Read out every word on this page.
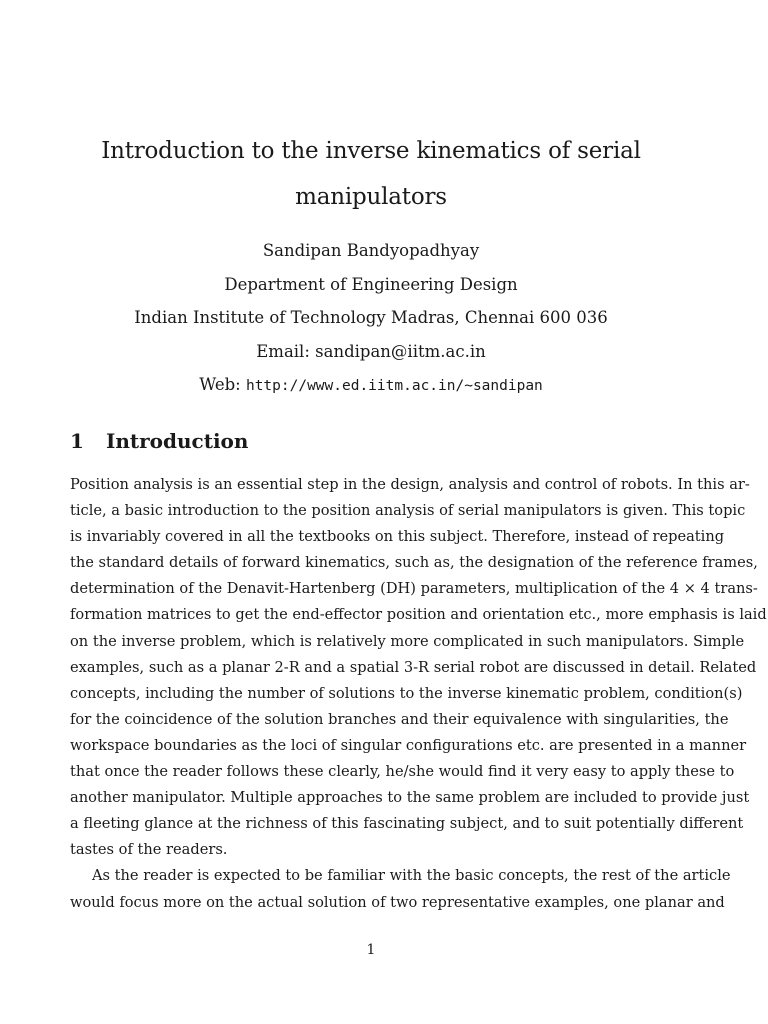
Introduction to the inverse kinematics of serial
manipulators
Sandipan Bandyopadhyay
Department of Engineering Design
Indian Institute of Technology Madras, Chennai 600 036
Email: sandipan@iitm.ac.in
Web: http://www.ed.iitm.ac.in/~sandipan
1 Introduction
Position analysis is an essential step in the design, analysis and control of robots. In this ar-
ticle, a basic introduction to the position analysis of serial manipulators is given. This topic
is invariably covered in all the textbooks on this subject. Therefore, instead of repeating
the standard details of forward kinematics, such as, the designation of the reference frames,
determination of the Denavit-Hartenberg (DH) parameters, multiplication of the 4 × 4 trans-
formation matrices to get the end-effector position and orientation etc., more emphasis is laid
on the inverse problem, which is relatively more complicated in such manipulators. Simple
examples, such as a planar 2-R and a spatial 3-R serial robot are discussed in detail. Related
concepts, including the number of solutions to the inverse kinematic problem, condition(s)
for the coincidence of the solution branches and their equivalence with singularities, the
workspace boundaries as the loci of singular configurations etc. are presented in a manner
that once the reader follows these clearly, he/she would find it very easy to apply these to
another manipulator. Multiple approaches to the same problem are included to provide just
a fleeting glance at the richness of this fascinating subject, and to suit potentially different
tastes of the readers.
As the reader is expected to be familiar with the basic concepts, the rest of the article
would focus more on the actual solution of two representative examples, one planar and
1
